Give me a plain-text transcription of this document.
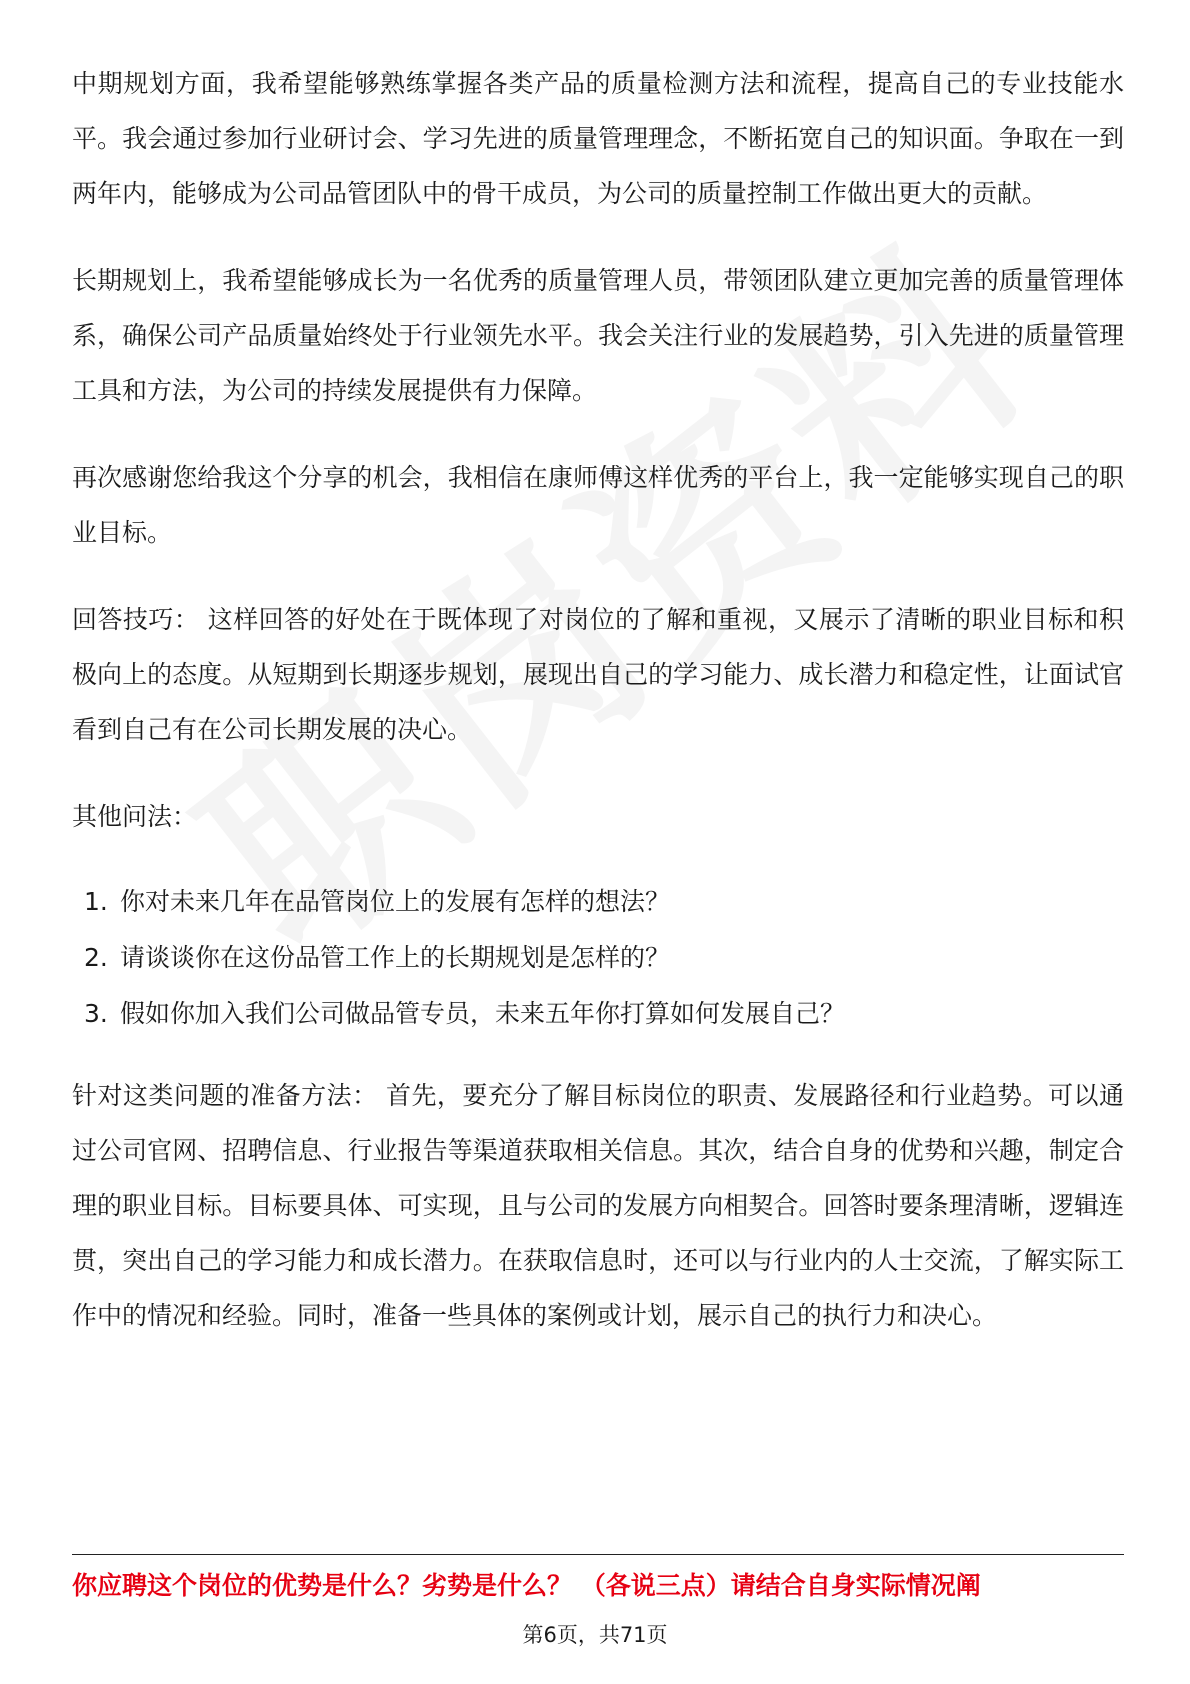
中期规划方面，我希望能够熟练掌握各类产品的质量检测方法和流程，提高自己的专业技能水平。我会通过参加行业研讨会、学习先进的质量管理理念，不断拓宽自己的知识面。争取在一到两年内，能够成为公司品管团队中的骨干成员，为公司的质量控制工作做出更大的贡献。

长期规划上，我希望能够成长为一名优秀的质量管理人员，带领团队建立更加完善的质量管理体系，确保公司产品质量始终处于行业领先水平。我会关注行业的发展趋势，引入先进的质量管理工具和方法，为公司的持续发展提供有力保障。

再次感谢您给我这个分享的机会，我相信在康师傅这样优秀的平台上，我一定能够实现自己的职业目标。

回答技巧： 这样回答的好处在于既体现了对岗位的了解和重视，又展示了清晰的职业目标和积极向上的态度。从短期到长期逐步规划，展现出自己的学习能力、成长潜力和稳定性，让面试官看到自己有在公司长期发展的决心。

其他问法：

1. 你对未来几年在品管岗位上的发展有怎样的想法？
2. 请谈谈你在这份品管工作上的长期规划是怎样的？
3. 假如你加入我们公司做品管专员，未来五年你打算如何发展自己？

针对这类问题的准备方法： 首先，要充分了解目标岗位的职责、发展路径和行业趋势。可以通过公司官网、招聘信息、行业报告等渠道获取相关信息。其次，结合自身的优势和兴趣，制定合理的职业目标。目标要具体、可实现，且与公司的发展方向相契合。回答时要条理清晰，逻辑连贯，突出自己的学习能力和成长潜力。在获取信息时，还可以与行业内的人士交流，了解实际工作中的情况和经验。同时，准备一些具体的案例或计划，展示自己的执行力和决心。

你应聘这个岗位的优势是什么？劣势是什么？ （各说三点）请结合自身实际情况阐
第6页，共71页
